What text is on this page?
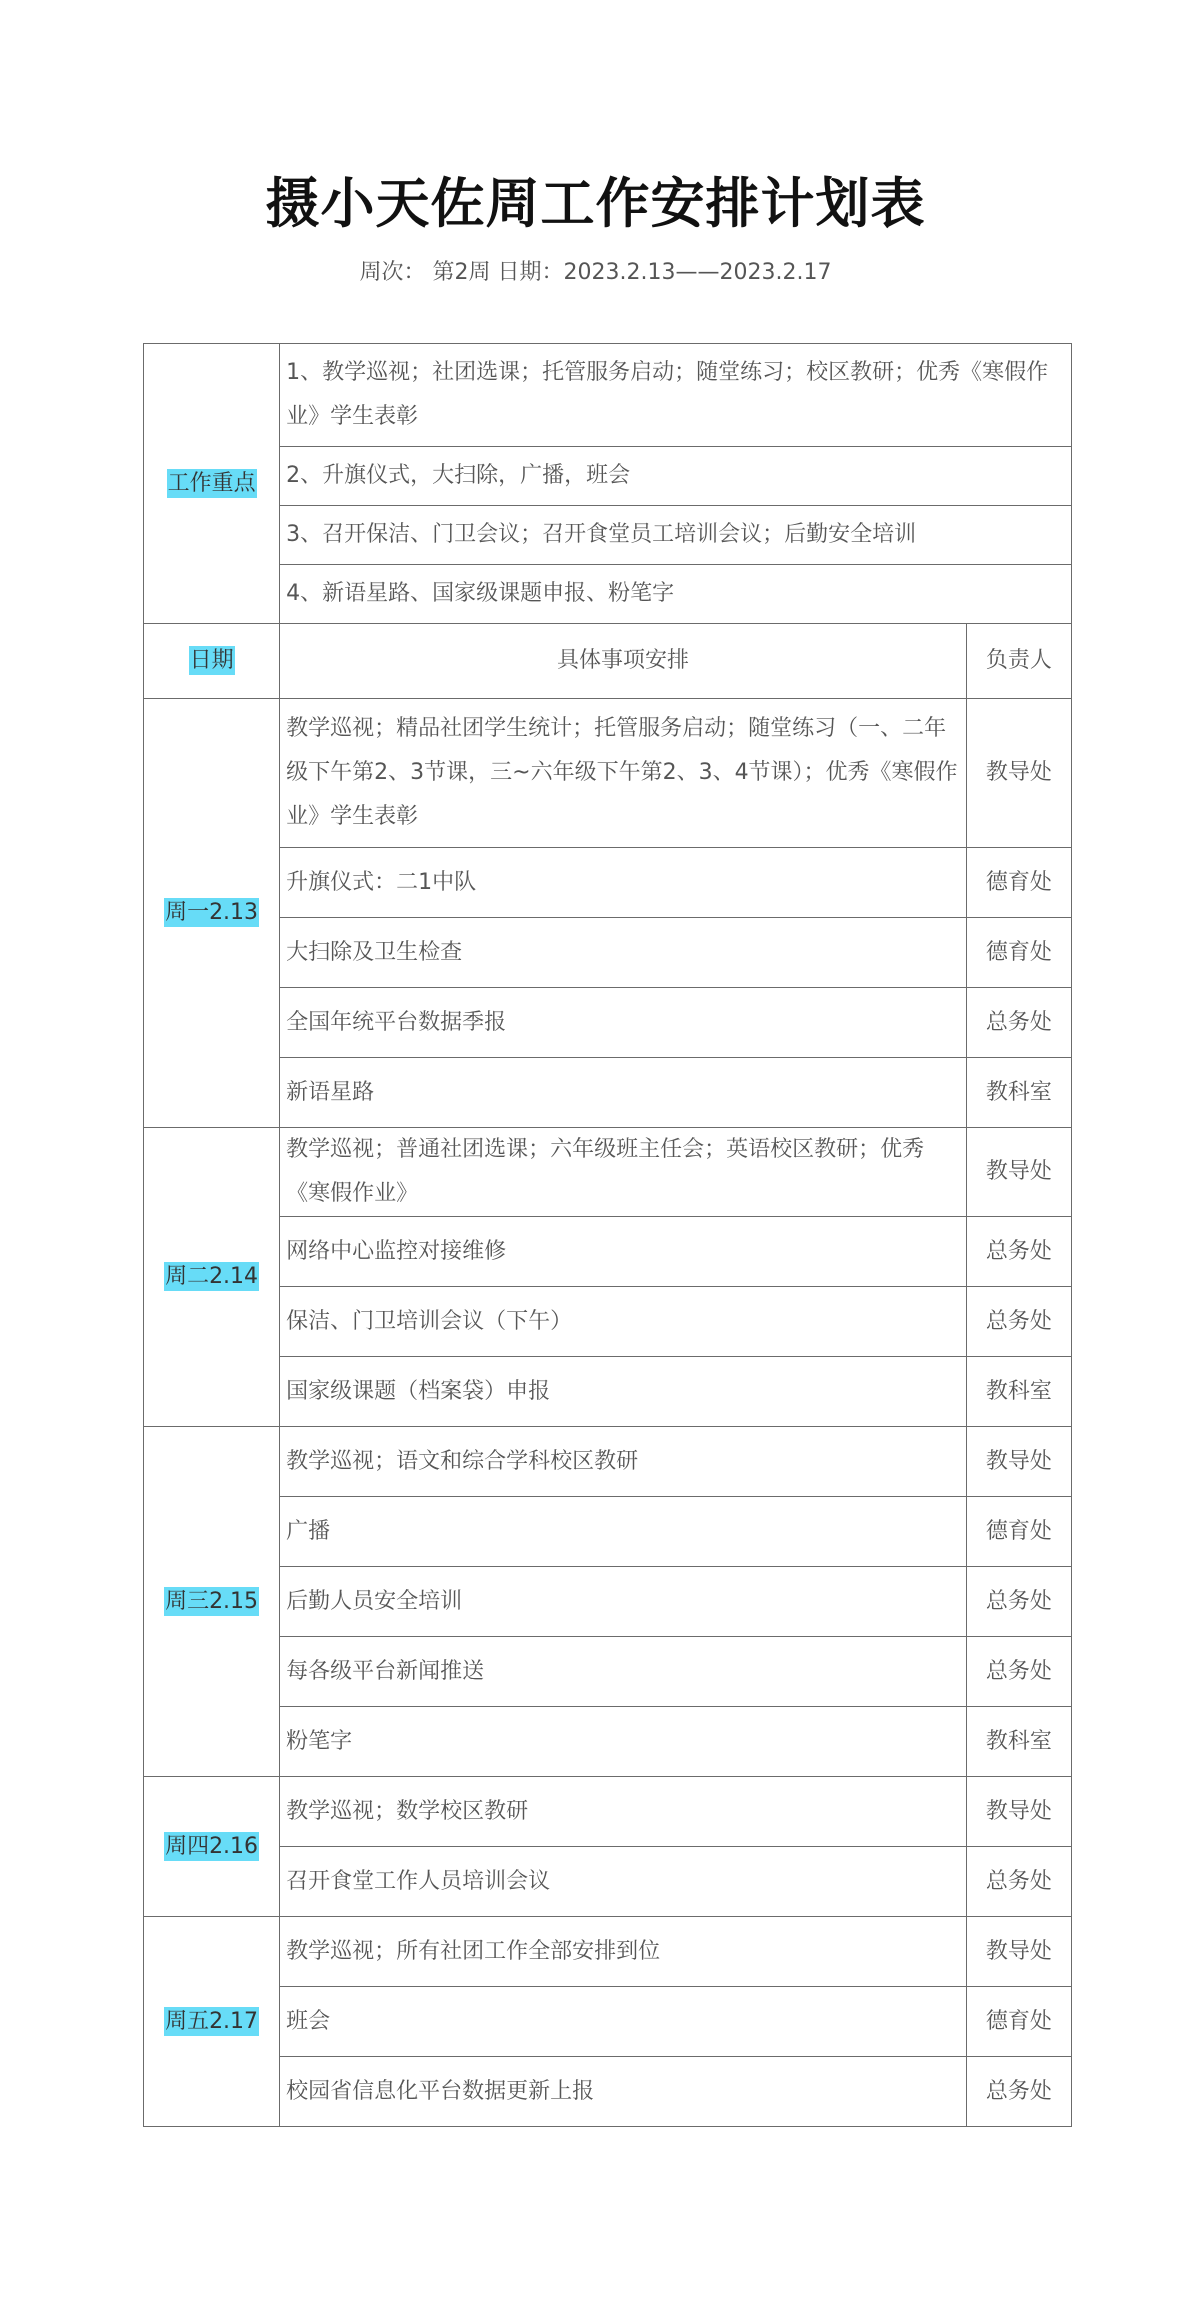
摄小天佐周工作安排计划表
周次： 第2周 日期：2023.2.13——2023.2.17
工作重点	1、教学巡视；社团选课；托管服务启动；随堂练习；校区教研；优秀《寒假作业》学生表彰	
	2、升旗仪式，大扫除，广播，班会	
	3、召开保洁、门卫会议；召开食堂员工培训会议；后勤安全培训	
	4、新语星路、国家级课题申报、粉笔字	
日期	具体事项安排	负责人
周一2.13	教学巡视；精品社团学生统计；托管服务启动；随堂练习（一、二年级下午第2、3节课，三~六年级下午第2、3、4节课）；优秀《寒假作业》学生表彰	教导处
	升旗仪式：二1中队	德育处
	大扫除及卫生检查	德育处
	全国年统平台数据季报	总务处
	新语星路	教科室
周二2.14	教学巡视；普通社团选课；六年级班主任会；英语校区教研；优秀《寒假作业》	教导处
	网络中心监控对接维修	总务处
	保洁、门卫培训会议（下午）	总务处
	国家级课题（档案袋）申报	教科室
周三2.15	教学巡视；语文和综合学科校区教研	教导处
	广播	德育处
	后勤人员安全培训	总务处
	每各级平台新闻推送	总务处
	粉笔字	教科室
周四2.16	教学巡视；数学校区教研	教导处
	召开食堂工作人员培训会议	总务处
周五2.17	教学巡视；所有社团工作全部安排到位	教导处
	班会	德育处
	校园省信息化平台数据更新上报	总务处
